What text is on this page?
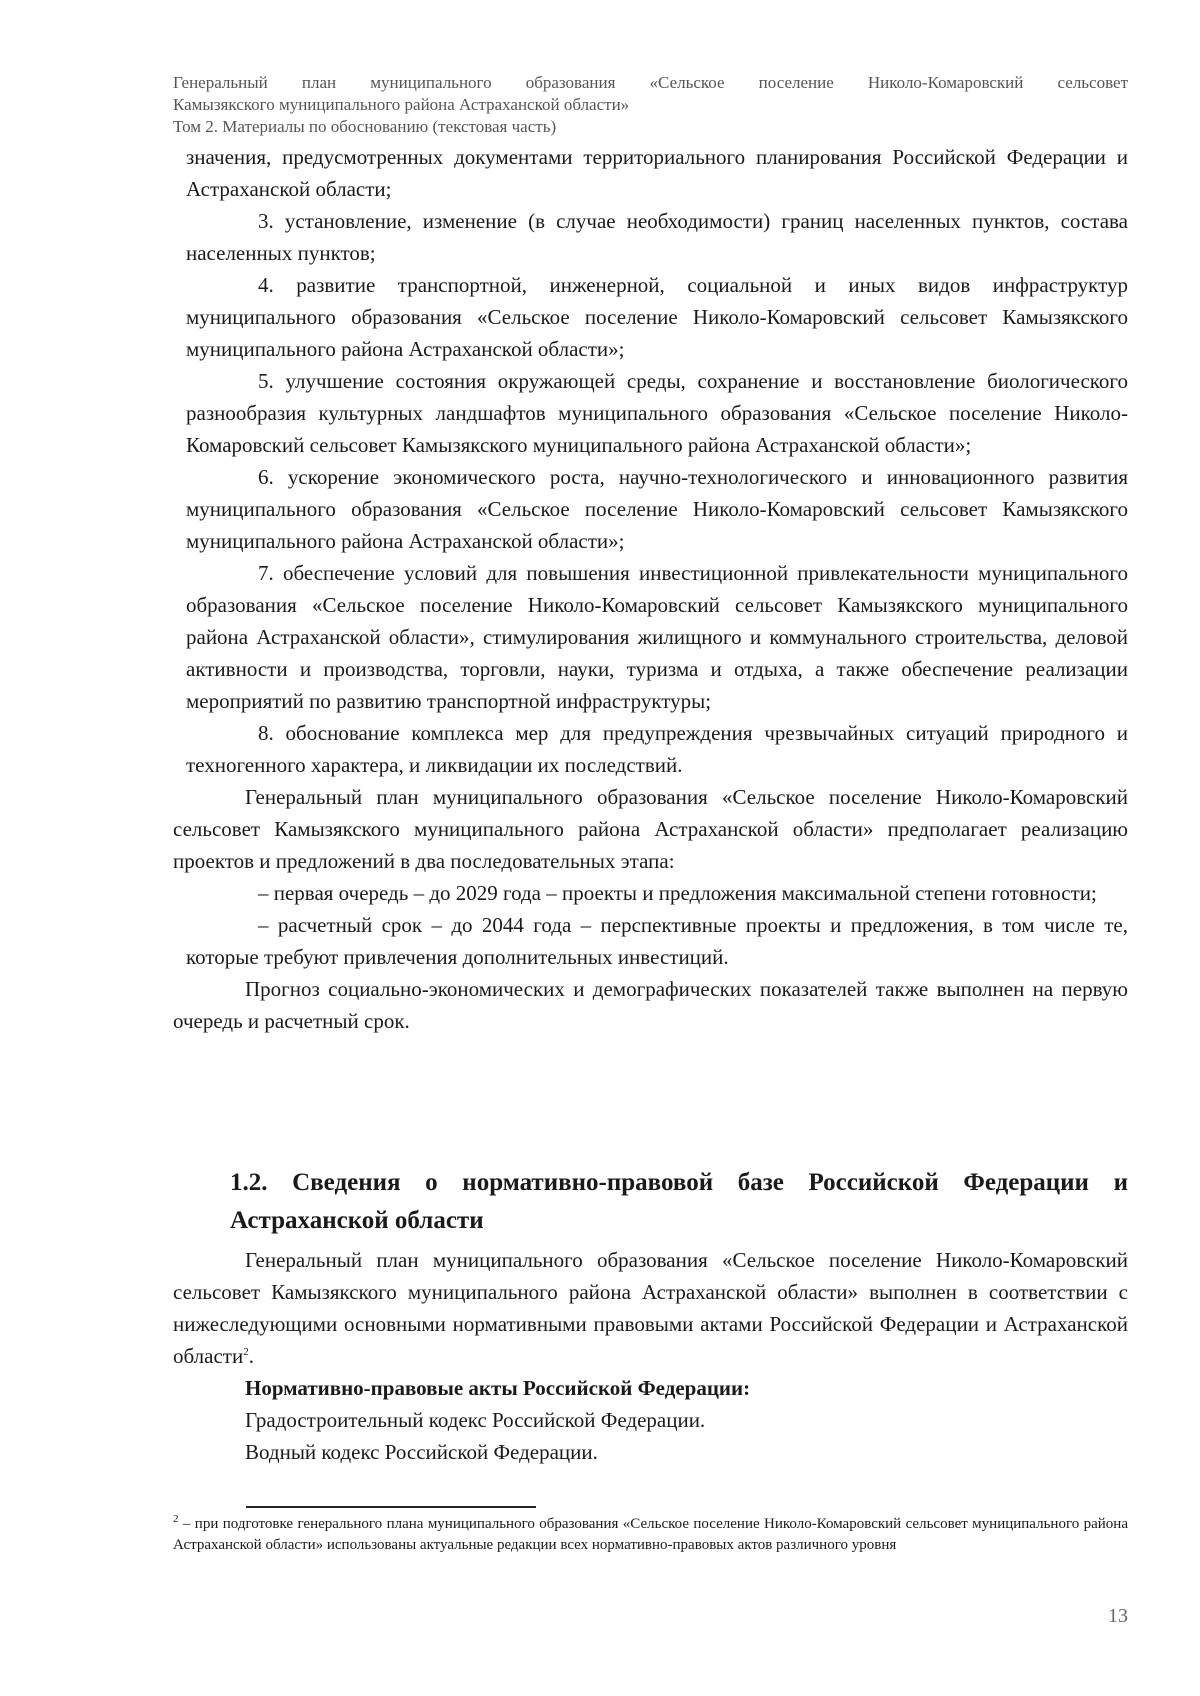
Генеральный план муниципального образования «Сельское поселение Николо-Комаровский сельсовет
Камызякского муниципального района Астраханской области»
Том 2. Материалы по обоснованию (текстовая часть)

значения, предусмотренных документами территориального планирования Российской Федерации и Астраханской области;

3. установление, изменение (в случае необходимости) границ населенных пунктов, состава населенных пунктов;

4. развитие транспортной, инженерной, социальной и иных видов инфраструктур муниципального образования «Сельское поселение Николо-Комаровский сельсовет Камызякского муниципального района Астраханской области»;

5. улучшение состояния окружающей среды, сохранение и восстановление биологического разнообразия культурных ландшафтов муниципального образования «Сельское поселение Николо-Комаровский сельсовет Камызякского муниципального района Астраханской области»;

6. ускорение экономического роста, научно-технологического и инновационного развития муниципального образования «Сельское поселение Николо-Комаровский сельсовет Камызякского муниципального района Астраханской области»;

7. обеспечение условий для повышения инвестиционной привлекательности муниципального образования «Сельское поселение Николо-Комаровский сельсовет Камызякского муниципального района Астраханской области», стимулирования жилищного и коммунального строительства, деловой активности и производства, торговли, науки, туризма и отдыха, а также обеспечение реализации мероприятий по развитию транспортной инфраструктуры;

8. обоснование комплекса мер для предупреждения чрезвычайных ситуаций природного и техногенного характера, и ликвидации их последствий.

Генеральный план муниципального образования «Сельское поселение Николо-Комаровский сельсовет Камызякского муниципального района Астраханской области» предполагает реализацию проектов и предложений в два последовательных этапа:

– первая очередь – до 2029 года – проекты и предложения максимальной степени готовности;

– расчетный срок – до 2044 года – перспективные проекты и предложения, в том числе те, которые требуют привлечения дополнительных инвестиций.

Прогноз социально-экономических и демографических показателей также выполнен на первую очередь и расчетный срок.

1.2. Сведения о нормативно-правовой базе Российской Федерации и Астраханской области

Генеральный план муниципального образования «Сельское поселение Николо-Комаровский сельсовет Камызякского муниципального района Астраханской области» выполнен в соответствии с нижеследующими основными нормативными правовыми актами Российской Федерации и Астраханской области$^2$.

Нормативно-правовые акты Российской Федерации:

Градостроительный кодекс Российской Федерации.

Водный кодекс Российской Федерации.

$^2$ – при подготовке генерального плана муниципального образования «Сельское поселение Николо-Комаровский сельсовет муниципального района Астраханской области» использованы актуальные редакции всех нормативно-правовых актов различного уровня
13
